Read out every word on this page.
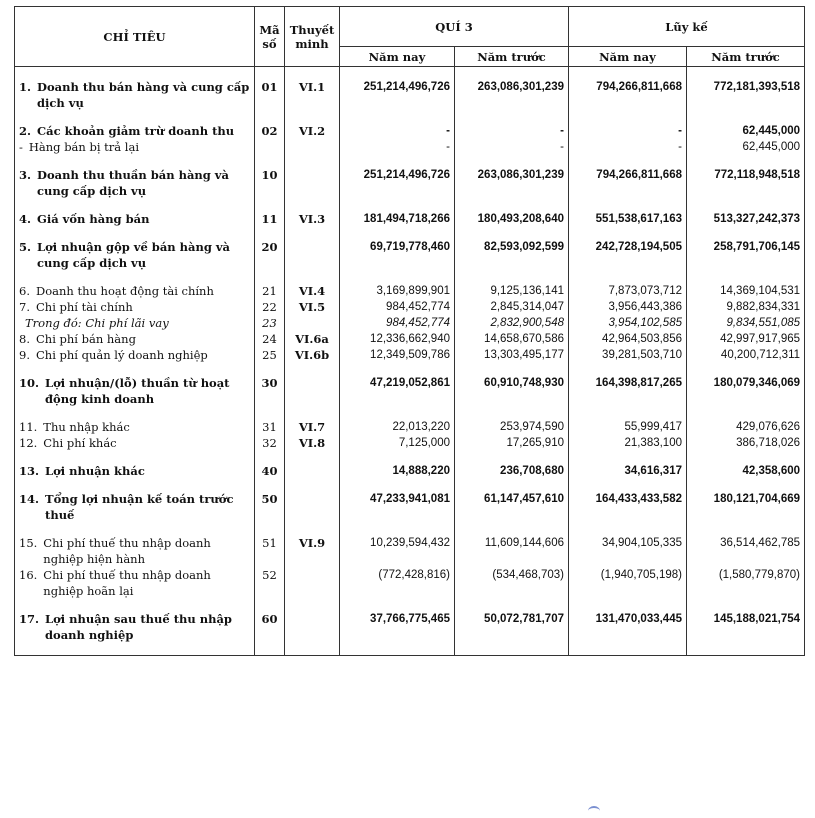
CHỈ TIÊU	Mã số	Thuyết minh	QUÍ 3		Lũy kế	
			Năm nay	Năm trước	Năm nay	Năm trước

1. Doanh thu bán hàng và cung cấp dịch vụ	01	VI.1	251,214,496,726	263,086,301,239	794,266,811,668	772,181,393,518

2. Các khoản giảm trừ doanh thu	02	VI.2	-	-	-	62,445,000

- Hàng bán bị trả lại			-	-	-	62,445,000

3. Doanh thu thuần bán hàng và cung cấp dịch vụ	10		251,214,496,726	263,086,301,239	794,266,811,668	772,118,948,518

4. Giá vốn hàng bán	11	VI.3	181,494,718,266	180,493,208,640	551,538,617,163	513,327,242,373

5. Lợi nhuận gộp về bán hàng và cung cấp dịch vụ	20		69,719,778,460	82,593,092,599	242,728,194,505	258,791,706,145

6. Doanh thu hoạt động tài chính	21	VI.4	3,169,899,901	9,125,136,141	7,873,073,712	14,369,104,531

7. Chi phí tài chính	22	VI.5	984,452,774	2,845,314,047	3,956,443,386	9,882,834,331

Trong đó: Chi phí lãi vay	23		984,452,774	2,832,900,548	3,954,102,585	9,834,551,085

8. Chi phí bán hàng	24	VI.6a	12,336,662,940	14,658,670,586	42,964,503,856	42,997,917,965

9. Chi phí quản lý doanh nghiệp	25	VI.6b	12,349,509,786	13,303,495,177	39,281,503,710	40,200,712,311

10. Lợi nhuận/(lỗ) thuần từ hoạt động kinh doanh	30		47,219,052,861	60,910,748,930	164,398,817,265	180,079,346,069

11. Thu nhập khác	31	VI.7	22,013,220	253,974,590	55,999,417	429,076,626

12. Chi phí khác	32	VI.8	7,125,000	17,265,910	21,383,100	386,718,026

13. Lợi nhuận khác	40		14,888,220	236,708,680	34,616,317	42,358,600

14. Tổng lợi nhuận kế toán trước thuế	50		47,233,941,081	61,147,457,610	164,433,433,582	180,121,704,669

15. Chi phí thuế thu nhập doanh nghiệp hiện hành	51	VI.9	10,239,594,432	11,609,144,606	34,904,105,335	36,514,462,785

16. Chi phí thuế thu nhập doanh nghiệp hoãn lại	52		(772,428,816)	(534,468,703)	(1,940,705,198)	(1,580,779,870)

17. Lợi nhuận sau thuế thu nhập doanh nghiệp	60		37,766,775,465	50,072,781,707	131,470,033,445	145,188,021,754
